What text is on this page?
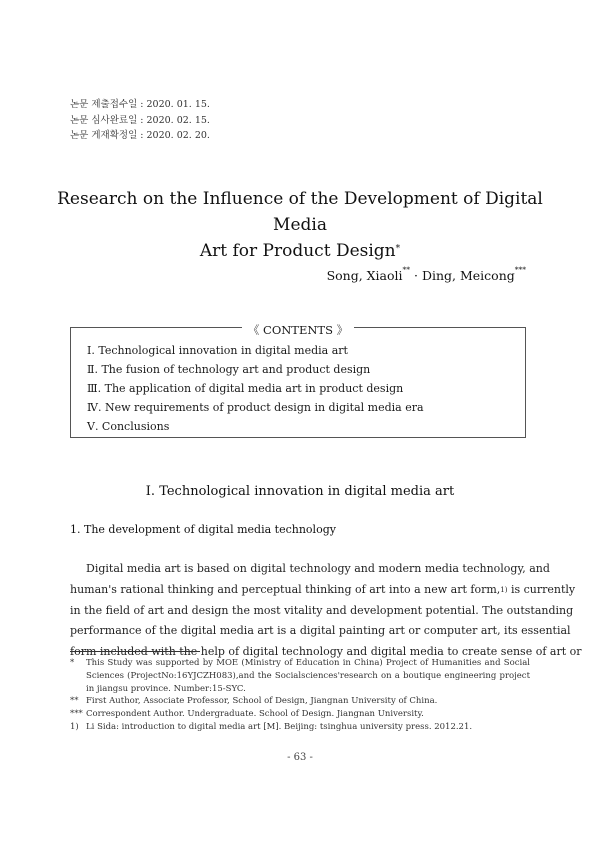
논문 제출접수일 : 2020. 01. 15.
논문 심사완료일 : 2020. 02. 15.
논문 게재확정일 : 2020. 02. 20.
Research on the Influence of the Development of Digital Media
Art for Product Design*
Song, Xiaoli** · Ding, Meicong***
《 CONTENTS 》
Ⅰ. Technological innovation in digital media art
Ⅱ. The fusion of technology art and product design
Ⅲ. The application of digital media art in product design
Ⅳ. New requirements of product design in digital media era
Ⅴ. Conclusions
Ⅰ. Technological innovation in digital media art
1. The development of digital media technology
Digital media art is based on digital technology and modern media technology, and
human's rational thinking and perceptual thinking of art into a new art form,$^{1)}$ is currently
in the field of art and design the most vitality and development potential. The outstanding
performance of the digital media art is a digital painting art or computer art, its essential
form included with the help of digital technology and digital media to create sense of art or
*	This Study was supported by MOE (Ministry of Education in China) Project of Humanities and Social Sciences (ProjectNo:16YJCZH083),and the Socialsciences'research on a boutique engineering project in jiangsu province. Number:15-SYC.
** First Author, Associate Professor, School of Design, Jiangnan University of China.
*** Correspondent Author. Undergraduate. School of Design. Jiangnan University.
1) Li Sida: introduction to digital media art [M]. Beijing: tsinghua university press. 2012.21.
- 63 -
